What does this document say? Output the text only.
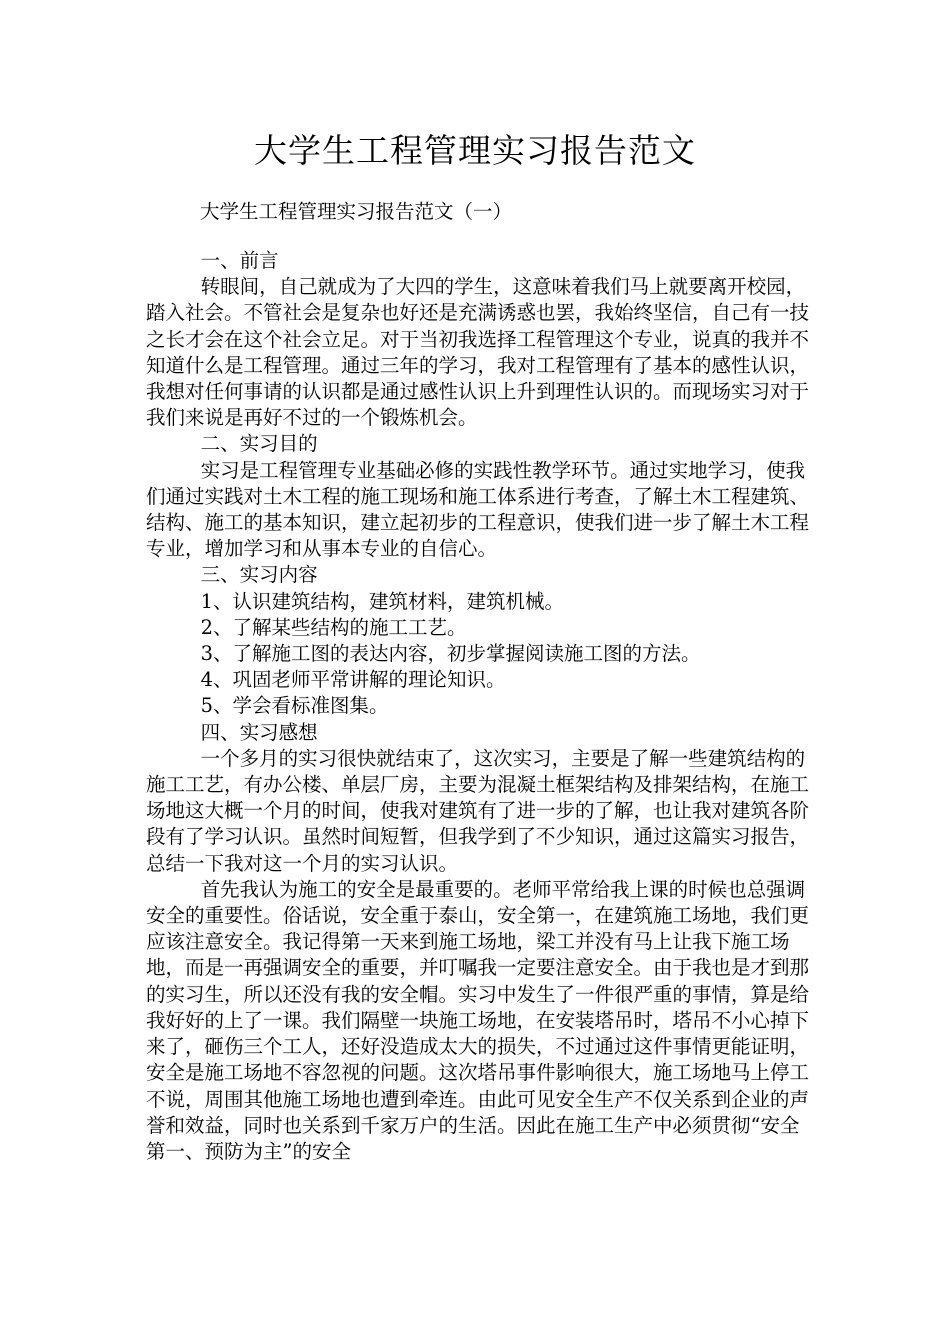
大学生工程管理实习报告范文

大学生工程管理实习报告范文（一）

一、前言

转眼间，自己就成为了大四的学生，这意味着我们马上就要离开校园，踏入社会。不管社会是复杂也好还是充满诱惑也罢，我始终坚信，自己有一技之长才会在这个社会立足。对于当初我选择工程管理这个专业，说真的我并不知道什么是工程管理。通过三年的学习，我对工程管理有了基本的感性认识，我想对任何事请的认识都是通过感性认识上升到理性认识的。而现场实习对于我们来说是再好不过的一个锻炼机会。

二、实习目的

实习是工程管理专业基础必修的实践性教学环节。通过实地学习，使我们通过实践对土木工程的施工现场和施工体系进行考查，了解土木工程建筑、结构、施工的基本知识，建立起初步的工程意识，使我们进一步了解土木工程专业，增加学习和从事本专业的自信心。

三、实习内容

1、认识建筑结构，建筑材料，建筑机械。

2、了解某些结构的施工工艺。

3、了解施工图的表达内容，初步掌握阅读施工图的方法。

4、巩固老师平常讲解的理论知识。

5、学会看标准图集。

四、实习感想

一个多月的实习很快就结束了，这次实习，主要是了解一些建筑结构的施工工艺，有办公楼、单层厂房，主要为混凝土框架结构及排架结构，在施工场地这大概一个月的时间，使我对建筑有了进一步的了解，也让我对建筑各阶段有了学习认识。虽然时间短暂，但我学到了不少知识，通过这篇实习报告，总结一下我对这一个月的实习认识。

首先我认为施工的安全是最重要的。老师平常给我上课的时候也总强调安全的重要性。俗话说，安全重于泰山，安全第一，在建筑施工场地，我们更应该注意安全。我记得第一天来到施工场地，梁工并没有马上让我下施工场地，而是一再强调安全的重要，并叮嘱我一定要注意安全。由于我也是才到那的实习生，所以还没有我的安全帽。实习中发生了一件很严重的事情，算是给我好好的上了一课。我们隔壁一块施工场地，在安装塔吊时，塔吊不小心掉下来了，砸伤三个工人，还好没造成太大的损失，不过通过这件事情更能证明，安全是施工场地不容忽视的问题。这次塔吊事件影响很大，施工场地马上停工不说，周围其他施工场地也遭到牵连。由此可见安全生产不仅关系到企业的声誉和效益，同时也关系到千家万户的生活。因此在施工生产中必须贯彻“安全第一、预防为主”的安全
